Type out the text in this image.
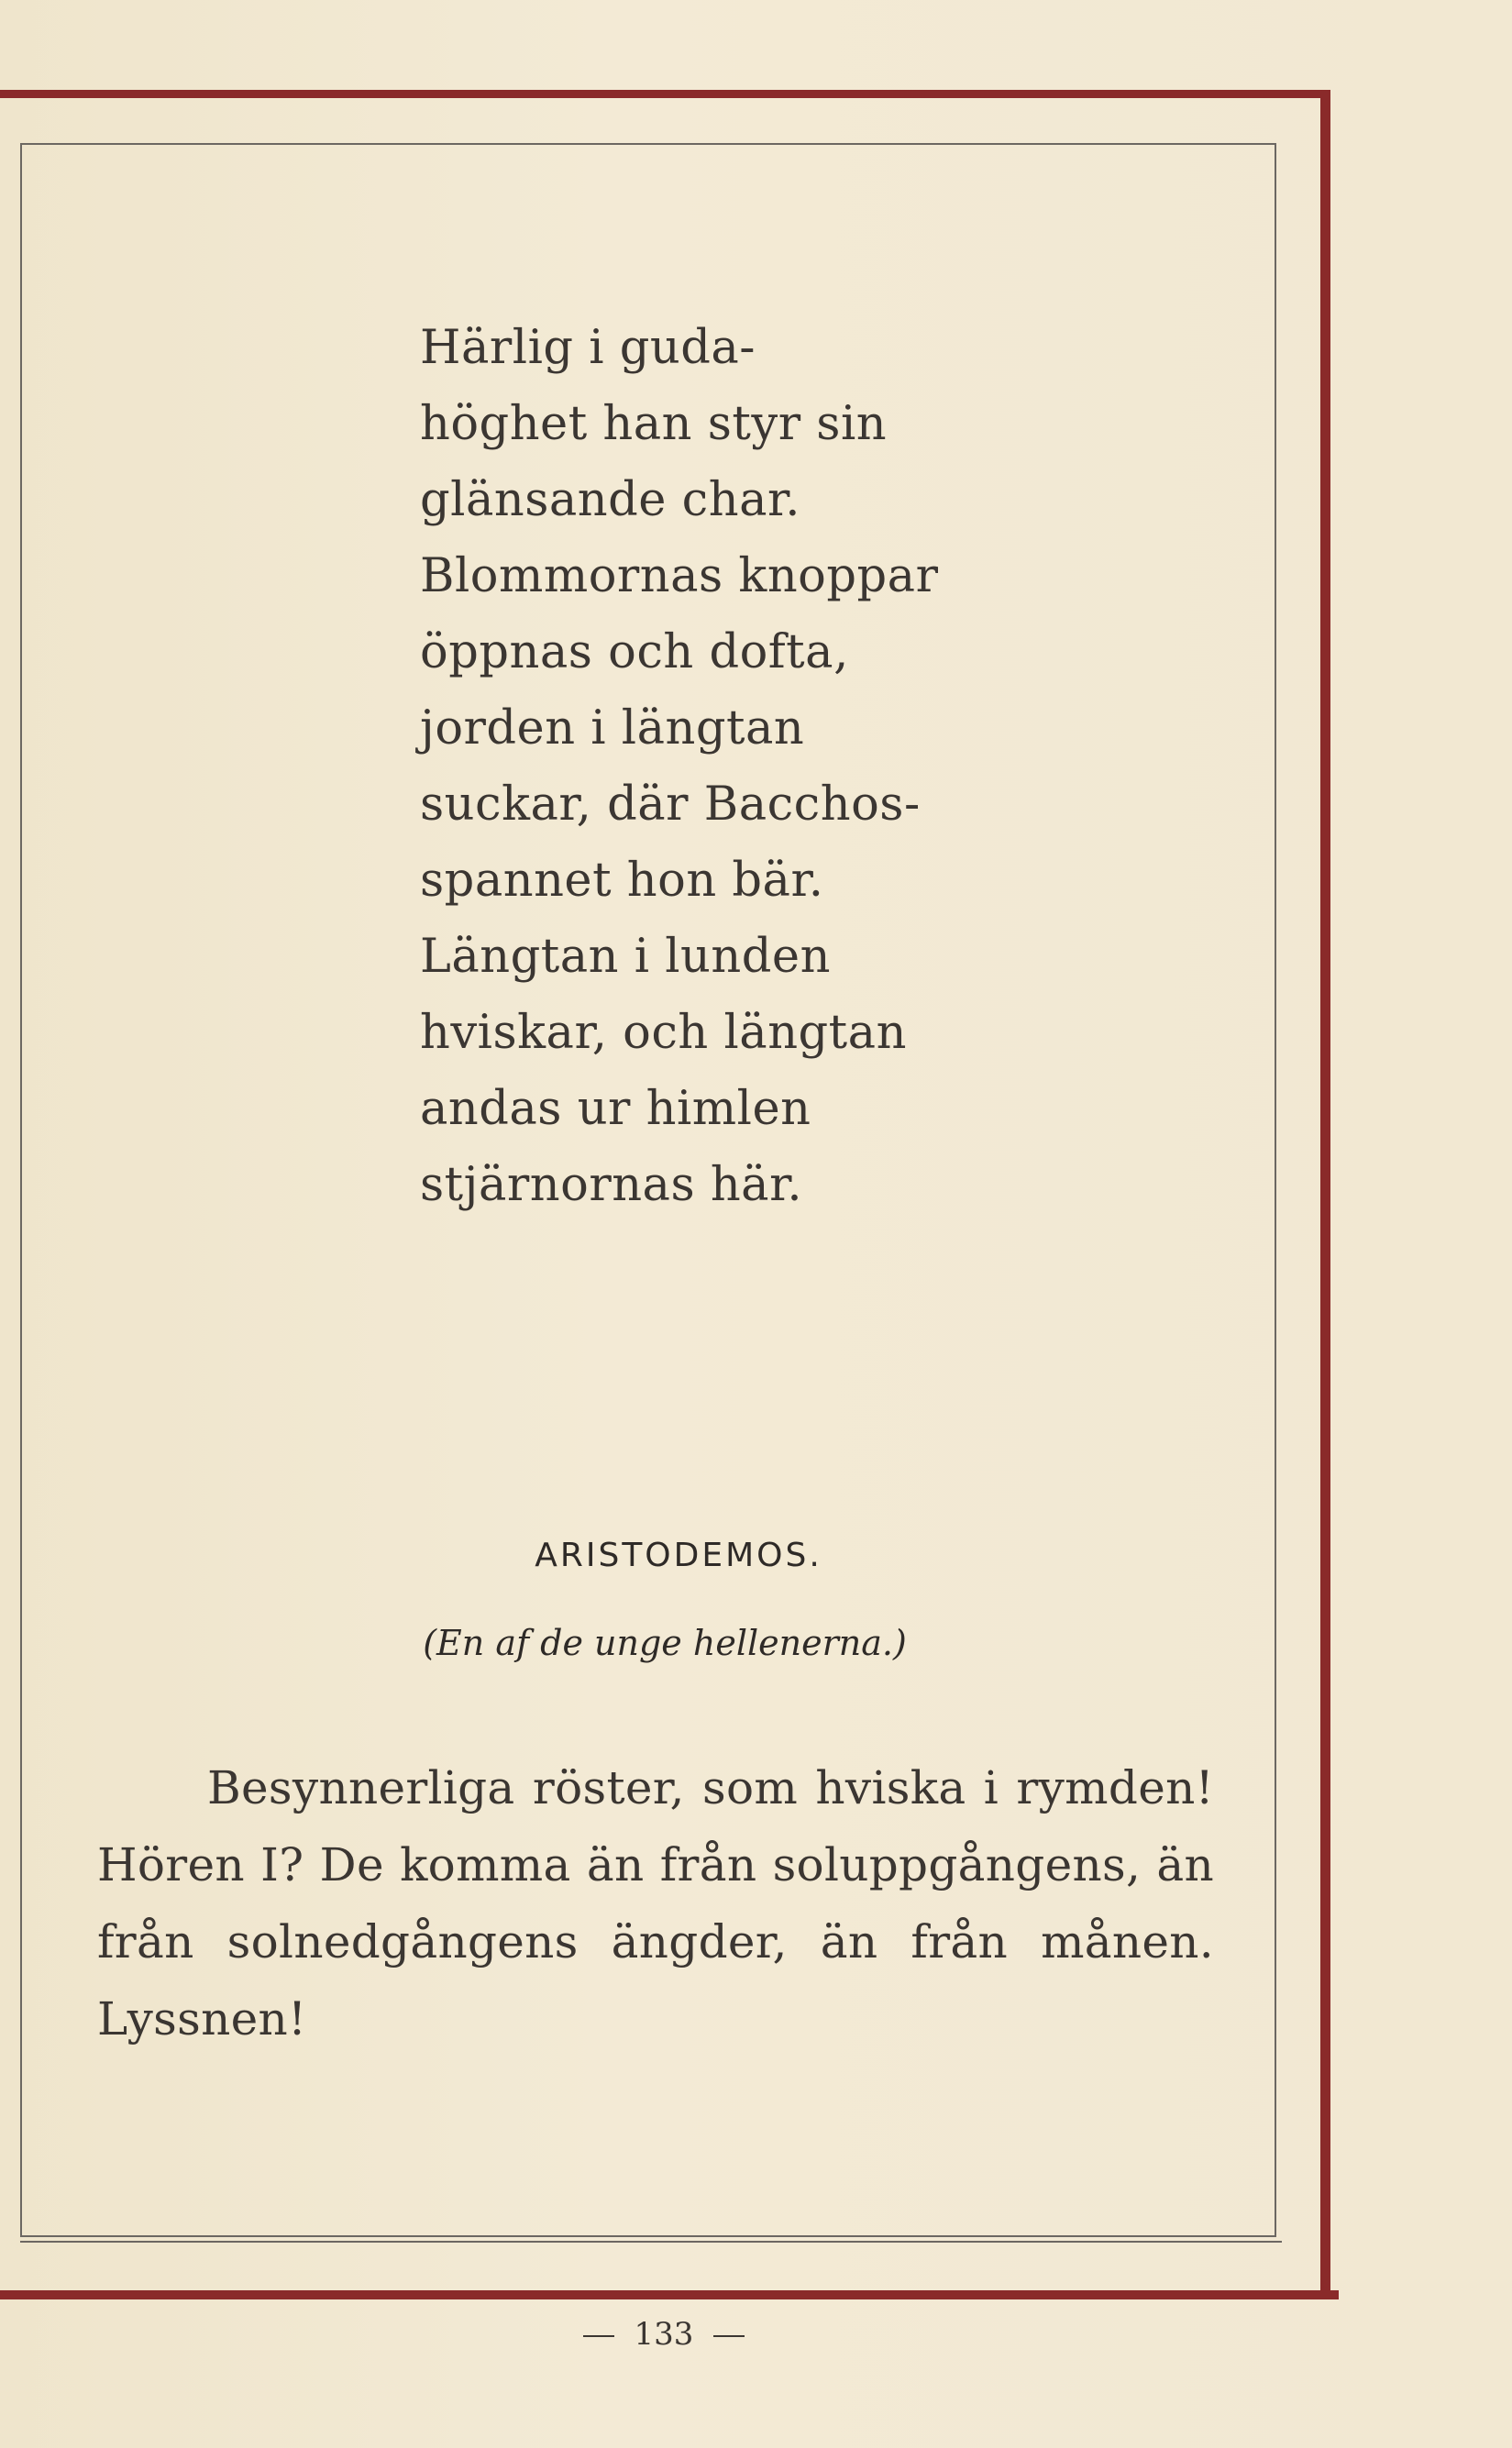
Härlig i guda-
höghet han styr sin
glänsande char.
Blommornas knoppar
öppnas och dofta,
jorden i längtan
suckar, där Bacchos-
spannet hon bär.
Längtan i lunden
hviskar, och längtan
andas ur himlen
stjärnornas här.
ARISTODEMOS.
(En af de unge hellenerna.)

Besynnerliga röster, som hviska i rymden! Hören I? De komma än från soluppgångens, än från solnedgångens ängder, än från månen. Lyssnen!

133
